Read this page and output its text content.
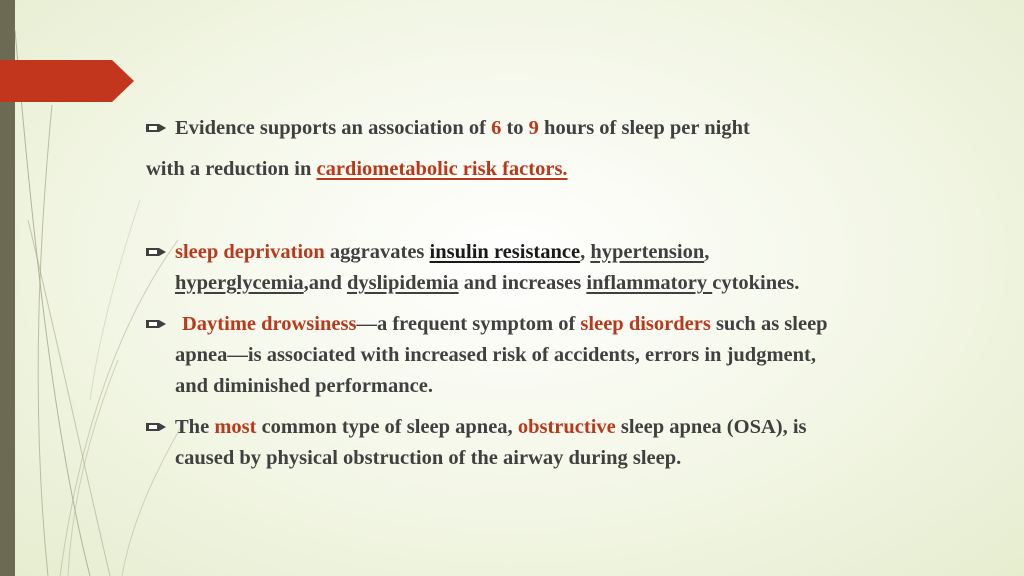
Evidence supports an association of 6 to 9 hours of sleep per night
with a reduction in cardiometabolic risk factors.
sleep deprivation aggravates insulin resistance, hypertension,
hyperglycemia,and dyslipidemia and increases inflammatory cytokines.
Daytime drowsiness—a frequent symptom of sleep disorders such as sleep
apnea—is associated with increased risk of accidents, errors in judgment,
and diminished performance.
The most common type of sleep apnea, obstructive sleep apnea (OSA), is
caused by physical obstruction of the airway during sleep.
